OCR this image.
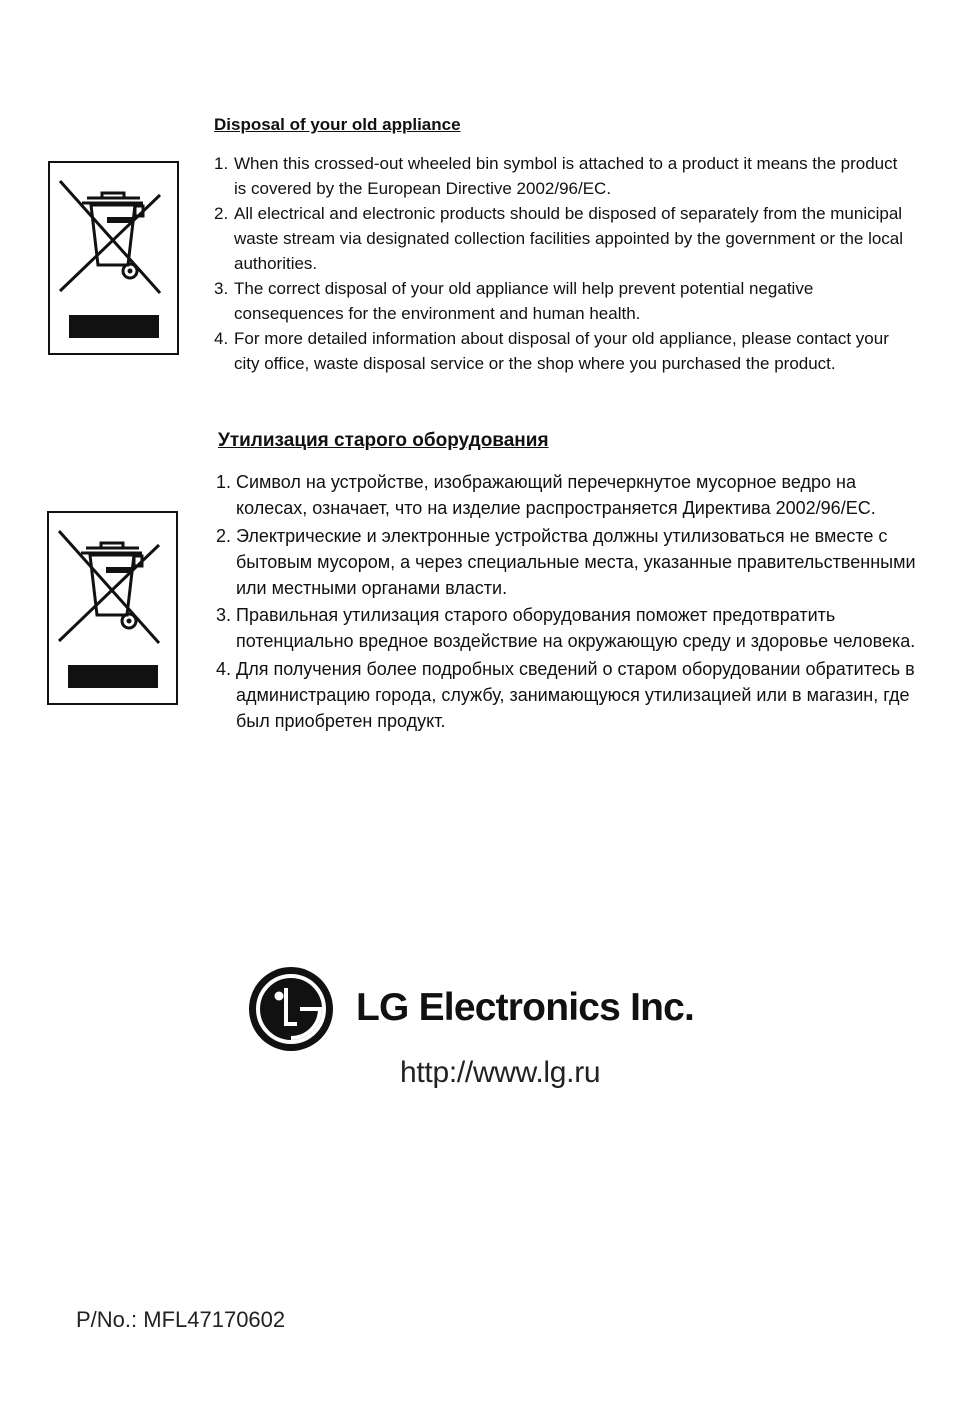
Disposal of your old appliance
1. When this crossed-out wheeled bin symbol is attached to a product it means the product is covered by the European Directive 2002/96/EC.
2. All electrical and electronic products should be disposed of separately from the municipal waste stream via designated collection facilities appointed by the government or the local authorities.
3. The correct disposal of your old appliance will help prevent potential negative consequences for the environment and human health.
4. For more detailed information about disposal of your old appliance, please contact your city office, waste disposal service or the shop where you purchased the product.
Утилизация старого оборудования
1. Символ на устройстве, изображающий перечеркнутое мусорное ведро на колесах, означает, что на изделие распространяется Директива 2002/96/EC.
2. Электрические и электронные устройства должны утилизоваться не вместе с бытовым мусором, а через специальные места, указанные правительственными или местными органами власти.
3. Правильная утилизация старого оборудования поможет предотвратить потенциально вредное воздействие на окружающую среду и здоровье человека.
4. Для получения более подробных сведений о старом оборудовании обратитесь в администрацию города, службу, занимающуюся утилизацией или в магазин, где был приобретен продукт.
LG Electronics Inc.
http://www.lg.ru
P/No.: MFL47170602
